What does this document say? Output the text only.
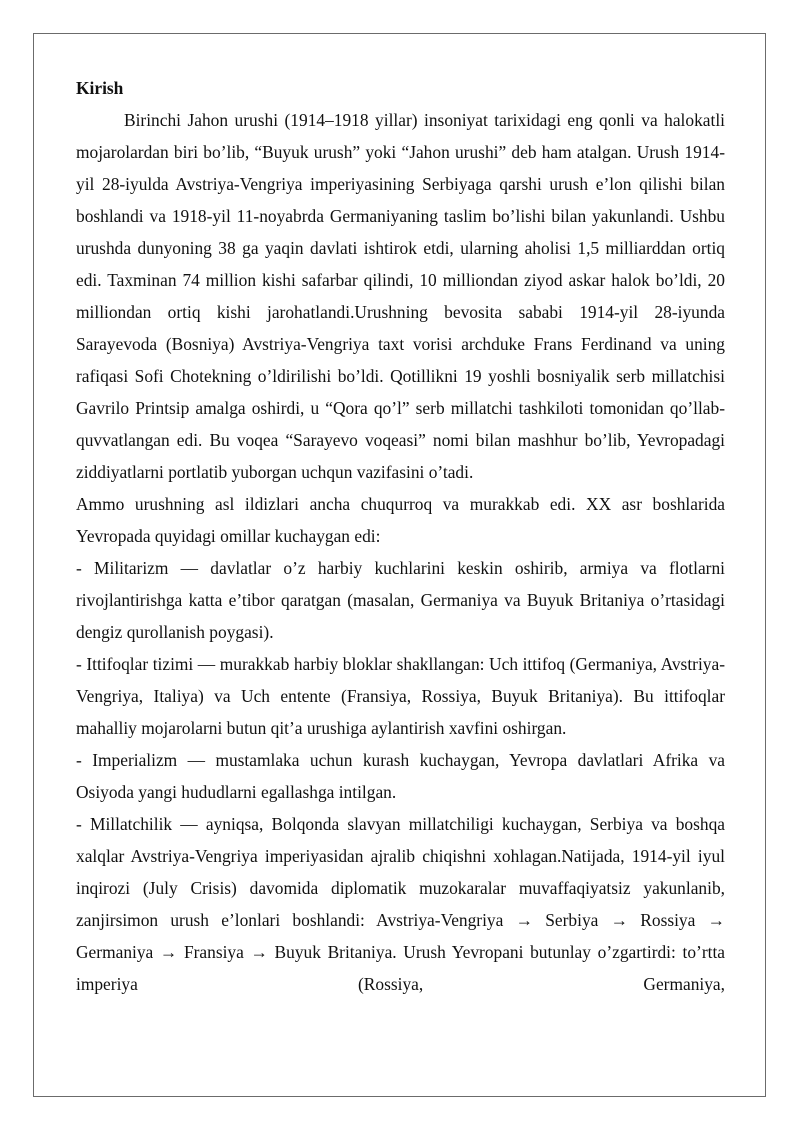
Kirish

Birinchi Jahon urushi (1914–1918 yillar) insoniyat tarixidagi eng qonli va halokatli mojarolardan biri bo’lib, “Buyuk urush” yoki “Jahon urushi” deb ham atalgan. Urush 1914-yil 28-iyulda Avstriya-Vengriya imperiyasining Serbiyaga qarshi urush e’lon qilishi bilan boshlandi va 1918-yil 11-noyabrda Germaniyaning taslim bo’lishi bilan yakunlandi. Ushbu urushda dunyoning 38 ga yaqin davlati ishtirok etdi, ularning aholisi 1,5 milliarddan ortiq edi. Taxminan 74 million kishi safarbar qilindi, 10 milliondan ziyod askar halok bo’ldi, 20 milliondan ortiq kishi jarohatlandi.Urushning bevosita sababi 1914-yil 28-iyunda Sarayevoda (Bosniya) Avstriya-Vengriya taxt vorisi archduke Frans Ferdinand va uning rafiqasi Sofi Chotekning o’ldirilishi bo’ldi. Qotillikni 19 yoshli bosniyalik serb millatchisi Gavrilo Printsip amalga oshirdi, u “Qora qo’l” serb millatchi tashkiloti tomonidan qo’llab-quvvatlangan edi. Bu voqea “Sarayevo voqeasi” nomi bilan mashhur bo’lib, Yevropadagi ziddiyatlarni portlatib yuborgan uchqun vazifasini o’tadi.

Ammo urushning asl ildizlari ancha chuqurroq va murakkab edi. XX asr boshlarida Yevropada quyidagi omillar kuchaygan edi:

- Militarizm — davlatlar o’z harbiy kuchlarini keskin oshirib, armiya va flotlarni rivojlantirishga katta e’tibor qaratgan (masalan, Germaniya va Buyuk Britaniya o’rtasidagi dengiz qurollanish poygasi).

- Ittifoqlar tizimi — murakkab harbiy bloklar shakllangan: Uch ittifoq (Germaniya, Avstriya-Vengriya, Italiya) va Uch entente (Fransiya, Rossiya, Buyuk Britaniya). Bu ittifoqlar mahalliy mojarolarni butun qit’a urushiga aylantirish xavfini oshirgan.

- Imperializm — mustamlaka uchun kurash kuchaygan, Yevropa davlatlari Afrika va Osiyoda yangi hududlarni egallashga intilgan.

- Millatchilik — ayniqsa, Bolqonda slavyan millatchiligi kuchaygan, Serbiya va boshqa xalqlar Avstriya-Vengriya imperiyasidan ajralib chiqishni xohlagan.Natijada, 1914-yil iyul inqirozi (July Crisis) davomida diplomatik muzokaralar muvaffaqiyatsiz yakunlanib, zanjirsimon urush e’lonlari boshlandi: Avstriya-Vengriya → Serbiya → Rossiya → Germaniya → Fransiya → Buyuk Britaniya. Urush Yevropani butunlay o’zgartirdi: to’rtta imperiya (Rossiya, Germaniya,
